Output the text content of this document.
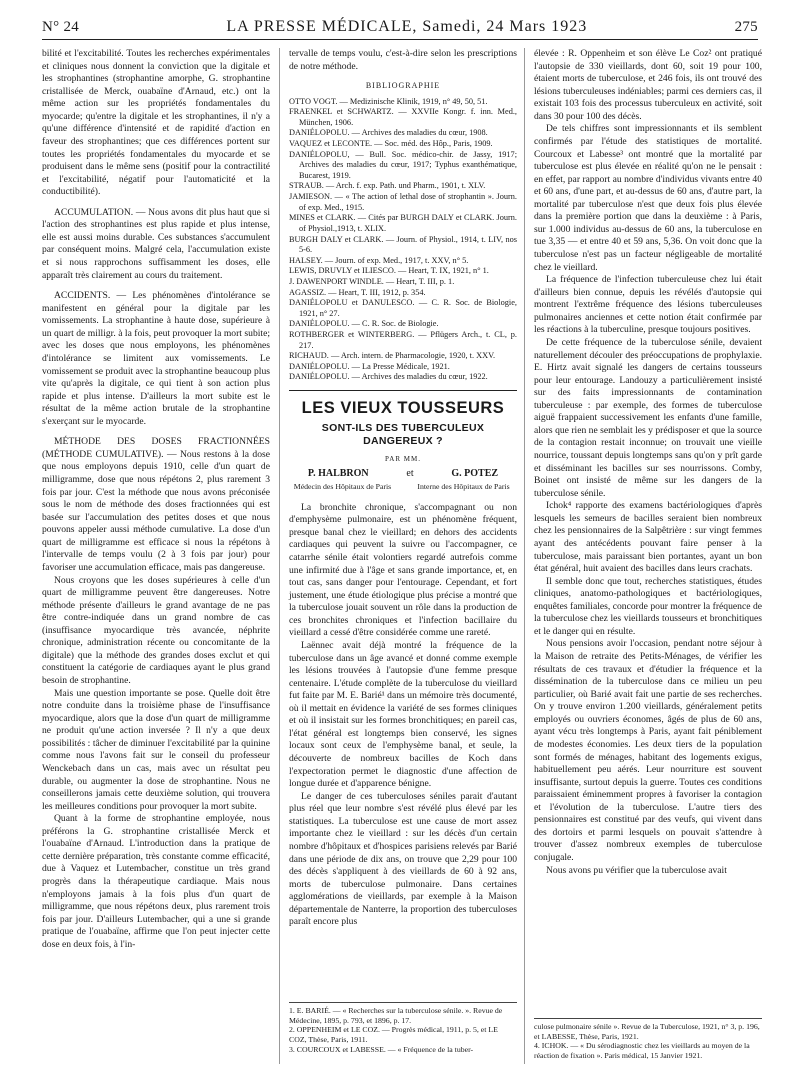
N° 24	LA PRESSE MÉDICALE, Samedi, 24 Mars 1923	275

bilité et l'excitabilité. Toutes les recherches expérimentales et cliniques nous donnent la conviction que la digitale et les strophantines (strophantine amorphe, G. strophantine cristallisée de Merck, ouabaïne d'Arnaud, etc.) ont la même action sur les propriétés fondamentales du myocarde; qu'entre la digitale et les strophantines, il n'y a qu'une différence d'intensité et de rapidité d'action en faveur des strophantines; que ces différences portent sur toutes les propriétés fondamentales du myocarde et se produisent dans le même sens (positif pour la contractilité et l'excitabilité, négatif pour l'automaticité et la conductibilité).

ACCUMULATION. — Nous avons dit plus haut que si l'action des strophantines est plus rapide et plus intense, elle est aussi moins durable. Ces substances s'accumulent par conséquent moins. Malgré cela, l'accumulation existe et si nous rapprochons suffisamment les doses, elle apparaît très clairement au cours du traitement.

ACCIDENTS. — Les phénomènes d'intolérance se manifestent en général pour la digitale par les vomissements. La strophantine à haute dose, supérieure à un quart de milligr. à la fois, peut provoquer la mort subite; avec les doses que nous employons, les phénomènes d'intolérance se limitent aux vomissements. Le vomissement se produit avec la strophantine beaucoup plus vite qu'après la digitale, ce qui tient à son action plus rapide et plus intense. D'ailleurs la mort subite est le résultat de la même action brutale de la strophantine s'exerçant sur le myocarde.

MÉTHODE DES DOSES FRACTIONNÉES (MÉTHODE CUMULATIVE). — Nous restons à la dose que nous employons depuis 1910, celle d'un quart de milligramme, dose que nous répétons 2, plus rarement 3 fois par jour. C'est la méthode que nous avons préconisée sous le nom de méthode des doses fractionnées qui est basée sur l'accumulation des petites doses et que nous pouvons appeler aussi méthode cumulative. La dose d'un quart de milligramme est efficace si nous la répétons à l'intervalle de temps voulu (2 à 3 fois par jour) pour favoriser une accumulation efficace, mais pas dangereuse.

Nous croyons que les doses supérieures à celle d'un quart de milligramme peuvent être dangereuses. Notre méthode présente d'ailleurs le grand avantage de ne pas être contre-indiquée dans un grand nombre de cas (insuffisance myocardique très avancée, néphrite chronique, administration récente ou concomitante de la digitale) que la méthode des grandes doses exclut et qui constituent la catégorie de cardiaques ayant le plus grand besoin de strophantine.

Mais une question importante se pose. Quelle doit être notre conduite dans la troisième phase de l'insuffisance myocardique, alors que la dose d'un quart de milligramme ne produit qu'une action inversée ? Il n'y a que deux possibilités : tâcher de diminuer l'excitabilité par la quinine comme nous l'avons fait sur le conseil du professeur Wenckebach dans un cas, mais avec un résultat peu durable, ou augmenter la dose de strophantine. Nous ne conseillerons jamais cette deuxième solution, qui trouvera les meilleures conditions pour provoquer la mort subite.

Quant à la forme de strophantine employée, nous préférons la G. strophantine cristallisée Merck et l'ouabaïne d'Arnaud. L'introduction dans la pratique de cette dernière préparation, très constante comme efficacité, due à Vaquez et Lutembacher, constitue un très grand progrès dans la thérapeutique cardiaque. Mais nous n'employons jamais à la fois plus d'un quart de milligramme, que nous répétons deux, plus rarement trois fois par jour. D'ailleurs Lutembacher, qui a une si grande pratique de l'ouabaïne, affirme que l'on peut injecter cette dose en deux fois, à l'in-

tervalle de temps voulu, c'est-à-dire selon les prescriptions de notre méthode.

BIBLIOGRAPHIE
OTTO VOGT. — Medizinische Klinik, 1919, n° 49, 50, 51.
FRAENKEL et SCHWARTZ. — XXVIIe Kongr. f. inn. Med., München, 1906.
DANIÉLOPOLU. — Archives des maladies du cœur, 1908.
VAQUEZ et LECONTE. — Soc. méd. des Hôp., Paris, 1909.
DANIÉLOPOLU, — Bull. Soc. médico-chir. de Jassy, 1917; Archives des maladies du cœur, 1917; Typhus exanthématique, Bucarest, 1919.
STRAUB. — Arch. f. exp. Path. und Pharm., 1901, t. XLV.
JAMIESON. — « The action of lethal dose of strophantin ». Journ. of exp. Med., 1915.
MINES et CLARK. — Cités par BURGH DALY et CLARK. Journ. of Physiol.,1913, t. XLIX.
BURGH DALY et CLARK. — Journ. of Physiol., 1914, t. LIV, nos 5-6.
HALSEY. — Journ. of exp. Med., 1917, t. XXV, n° 5.
LEWIS, DRUVLY et ILIESCO. — Heart, T. IX, 1921, n° 1.
J. DAWENPORT WINDLE. — Heart, T. III, p. 1.
AGASSIZ. — Heart, T. III, 1912, p. 354.
DANIÉLOPOLU et DANULESCO. — C. R. Soc. de Biologie, 1921, n° 27.
DANIÉLOPOLU. — C. R. Soc. de Biologie.
ROTHBERGER et WINTERBERG. — Pflügers Arch., t. CL, p. 217.
RICHAUD. — Arch. intern. de Pharmacologie, 1920, t. XXV.
DANIÉLOPOLU. — La Presse Médicale, 1921.
DANIÉLOPOLU. — Archives des maladies du cœur, 1922.
LES VIEUX TOUSSEURS
SONT-ILS DES TUBERCULEUX DANGEREUX ?
PAR MM.
P. HALBRON	et	G. POTEZ
Médecin des Hôpitaux de Paris	Interne des Hôpitaux de Paris

La bronchite chronique, s'accompagnant ou non d'emphysème pulmonaire, est un phénomène fréquent, presque banal chez le vieillard; en dehors des accidents cardiaques qui peuvent la suivre ou l'accompagner, ce catarrhe sénile était volontiers regardé autrefois comme une infirmité due à l'âge et sans grande importance, et, en tout cas, sans danger pour l'entourage. Cependant, et fort justement, une étude étiologique plus précise a montré que la tuberculose jouait souvent un rôle dans la production de ces bronchites chroniques et l'infection bacillaire du vieillard a cessé d'être considérée comme une rareté.

Laënnec avait déjà montré la fréquence de la tuberculose dans un âge avancé et donné comme exemple les lésions trouvées à l'autopsie d'une femme presque centenaire. L'étude complète de la tuberculose du vieillard fut faite par M. E. Barié¹ dans un mémoire très documenté, où il mettait en évidence la variété de ses formes cliniques et où il insistait sur les formes bronchitiques; en pareil cas, l'état général est longtemps bien conservé, les signes locaux sont ceux de l'emphysème banal, et seule, la découverte de nombreux bacilles de Koch dans l'expectoration permet le diagnostic d'une affection de longue durée et d'apparence bénigne.

Le danger de ces tuberculoses séniles parait d'autant plus réel que leur nombre s'est révélé plus élevé par les statistiques. La tuberculose est une cause de mort assez importante chez le vieillard : sur les décès d'un certain nombre d'hôpitaux et d'hospices parisiens relevés par Barié dans une période de dix ans, on trouve que 2,29 pour 100 des décès s'appliquent à des vieillards de 60 à 92 ans, morts de tuberculose pulmonaire. Dans certaines agglomérations de vieillards, par exemple à la Maison départementale de Nanterre, la proportion des tuberculoses paraît encore plus

élevée : R. Oppenheim et son élève Le Coz² ont pratiqué l'autopsie de 330 vieillards, dont 60, soit 19 pour 100, étaient morts de tuberculose, et 246 fois, ils ont trouvé des lésions tuberculeuses indéniables; parmi ces derniers cas, il existait 103 fois des processus tuberculeux en activité, soit dans 30 pour 100 des décès.

De tels chiffres sont impressionnants et ils semblent confirmés par l'étude des statistiques de mortalité. Courcoux et Labesse³ ont montré que la mortalité par tuberculose est plus élevée en réalité qu'on ne le pensait : en effet, par rapport au nombre d'individus vivants entre 40 et 60 ans, d'une part, et au-dessus de 60 ans, d'autre part, la mortalité par tuberculose n'est que deux fois plus élevée dans la première portion que dans la deuxième : à Paris, sur 1.000 individus au-dessus de 60 ans, la tuberculose en tue 3,35 — et entre 40 et 59 ans, 5,36. On voit donc que la tuberculose n'est pas un facteur négligeable de mortalité chez le vieillard.

La fréquence de l'infection tuberculeuse chez lui était d'ailleurs bien connue, depuis les révélés d'autopsie qui montrent l'extrême fréquence des lésions tuberculeuses pulmonaires anciennes et cette notion était confirmée par les réactions à la tuberculine, presque toujours positives.

De cette fréquence de la tuberculose sénile, devaient naturellement découler des préoccupations de prophylaxie. E. Hirtz avait signalé les dangers de certains tousseurs pour leur entourage. Landouzy a particulièrement insisté sur des faits impressionnants de contamination tuberculeuse : par exemple, des formes de tuberculose aiguë frappaient successivement les enfants d'une famille, alors que rien ne semblait les y prédisposer et que la source de la contagion restait inconnue; on trouvait une vieille nourrice, toussant depuis longtemps sans qu'on y prît garde et disséminant les bacilles sur ses nourrissons. Comby, Boinet ont insisté de même sur les dangers de la tuberculose sénile.

Ichok⁴ rapporte des examens bactériologiques d'après lesquels les semeurs de bacilles seraient bien nombreux chez les pensionnaires de la Salpêtrière : sur vingt femmes ayant des antécédents pouvant faire penser à la tuberculose, mais paraissant bien portantes, ayant un bon état général, huit avaient des bacilles dans leurs crachats.

Il semble donc que tout, recherches statistiques, études cliniques, anatomo-pathologiques et bactériologiques, enquêtes familiales, concorde pour montrer la fréquence de la tuberculose chez les vieillards tousseurs et bronchitiques et le danger qui en résulte.

Nous pensions avoir l'occasion, pendant notre séjour à la Maison de retraite des Petits-Ménages, de vérifier les résultats de ces travaux et d'étudier la fréquence et la dissémination de la tuberculose dans ce milieu un peu particulier, où Barié avait fait une partie de ses recherches. On y trouve environ 1.200 vieillards, généralement petits employés ou ouvriers économes, âgés de plus de 60 ans, ayant vécu très longtemps à Paris, ayant fait péniblement de modestes économies. Les deux tiers de la population sont formés de ménages, habitant des logements exigus, habituellement peu aérés. Leur nourriture est souvent insuffisante, surtout depuis la guerre. Toutes ces conditions paraissaient éminemment propres à favoriser la contagion et l'évolution de la tuberculose. L'autre tiers des pensionnaires est constitué par des veufs, qui vivent dans des dortoirs et parmi lesquels on pouvait s'attendre à trouver d'assez nombreux exemples de tuberculose conjugale.

Nous avons pu vérifier que la tuberculose avait

1. E. BARIÉ. — « Recherches sur la tuberculose sénile. ». Revue de Médecine, 1895, p. 793, et 1896, p. 17.
2. OPPENHEIM et LE COZ. — Progrès médical, 1911, p. 5, et LE COZ, Thèse, Paris, 1911.
3. COURCOUX et LABESSE. — « Fréquence de la tuber-
culose pulmonaire sénile ». Revue de la Tuberculose, 1921, n° 3, p. 196, et LABESSE, Thèse, Paris, 1921.
4. ICHOK. — « Du sérodiagnostic chez les vieillards au moyen de la réaction de fixation ». Paris médical, 15 Janvier 1921.
